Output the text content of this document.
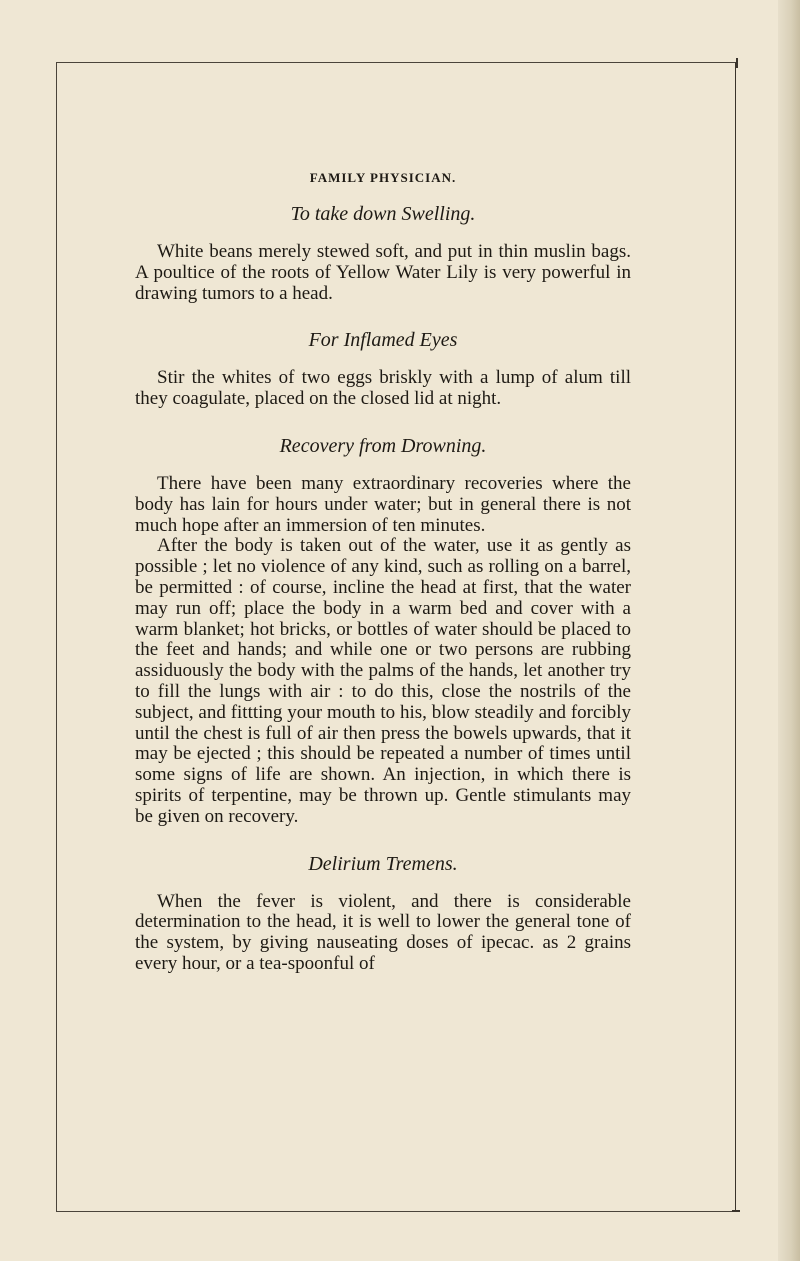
FAMILY PHYSICIAN.
To take down Swelling.

White beans merely stewed soft, and put in thin muslin bags. A poultice of the roots of Yellow Water Lily is very powerful in drawing tumors to a head.

For Inflamed Eyes

Stir the whites of two eggs briskly with a lump of alum till they coagulate, placed on the closed lid at night.

Recovery from Drowning.

There have been many extraordinary recoveries where the body has lain for hours under water; but in general there is not much hope after an immersion of ten minutes.

After the body is taken out of the water, use it as gently as possible ; let no violence of any kind, such as rolling on a barrel, be permitted : of course, incline the head at first, that the water may run off; place the body in a warm bed and cover with a warm blanket; hot bricks, or bottles of water should be placed to the feet and hands; and while one or two persons are rubbing assiduously the body with the palms of the hands, let another try to fill the lungs with air : to do this, close the nostrils of the subject, and fittting your mouth to his, blow steadily and forcibly until the chest is full of air then press the bowels upwards, that it may be ejected ; this should be repeated a number of times until some signs of life are shown. An injection, in which there is spirits of terpentine, may be thrown up. Gentle stimulants may be given on recovery.

Delirium Tremens.

When the fever is violent, and there is considerable determination to the head, it is well to lower the general tone of the system, by giving nauseating doses of ipecac. as 2 grains every hour, or a tea-spoonful of
